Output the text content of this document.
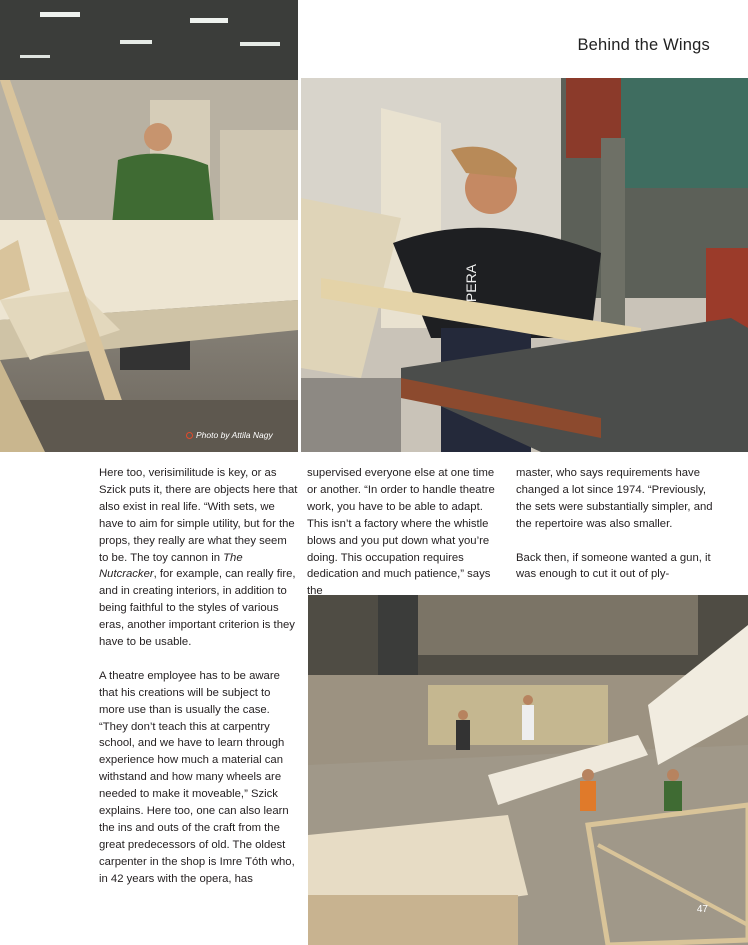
Behind the Wings
Photo by Attila Nagy
OPERA

Here too, verisimilitude is key, or as Szick puts it, there are objects here that also exist in real life. “With sets, we have to aim for simple utility, but for the props, they really are what they seem to be. The toy cannon in The Nutcracker, for example, can really fire, and in creating interiors, in addition to being faithful to the styles of various eras, another important criterion is they have to be usable.

A theatre employee has to be aware that his creations will be subject to more use than is usually the case. “They don’t teach this at carpentry school, and we have to learn through experience how much a material can withstand and how many wheels are needed to make it moveable,” Szick explains. Here too, one can also learn the ins and outs of the craft from the great predecessors of old. The oldest carpenter in the shop is Imre Tóth who, in 42 years with the opera, has

supervised everyone else at one time or another. “In order to handle theatre work, you have to be able to adapt. This isn’t a factory where the whistle blows and you put down what you’re doing. This occupation requires dedication and much patience,” says the

master, who says requirements have changed a lot since 1974. “Previously, the sets were substantially simpler, and the repertoire was also smaller.

Back then, if someone wanted a gun, it was enough to cut it out of ply-

47
